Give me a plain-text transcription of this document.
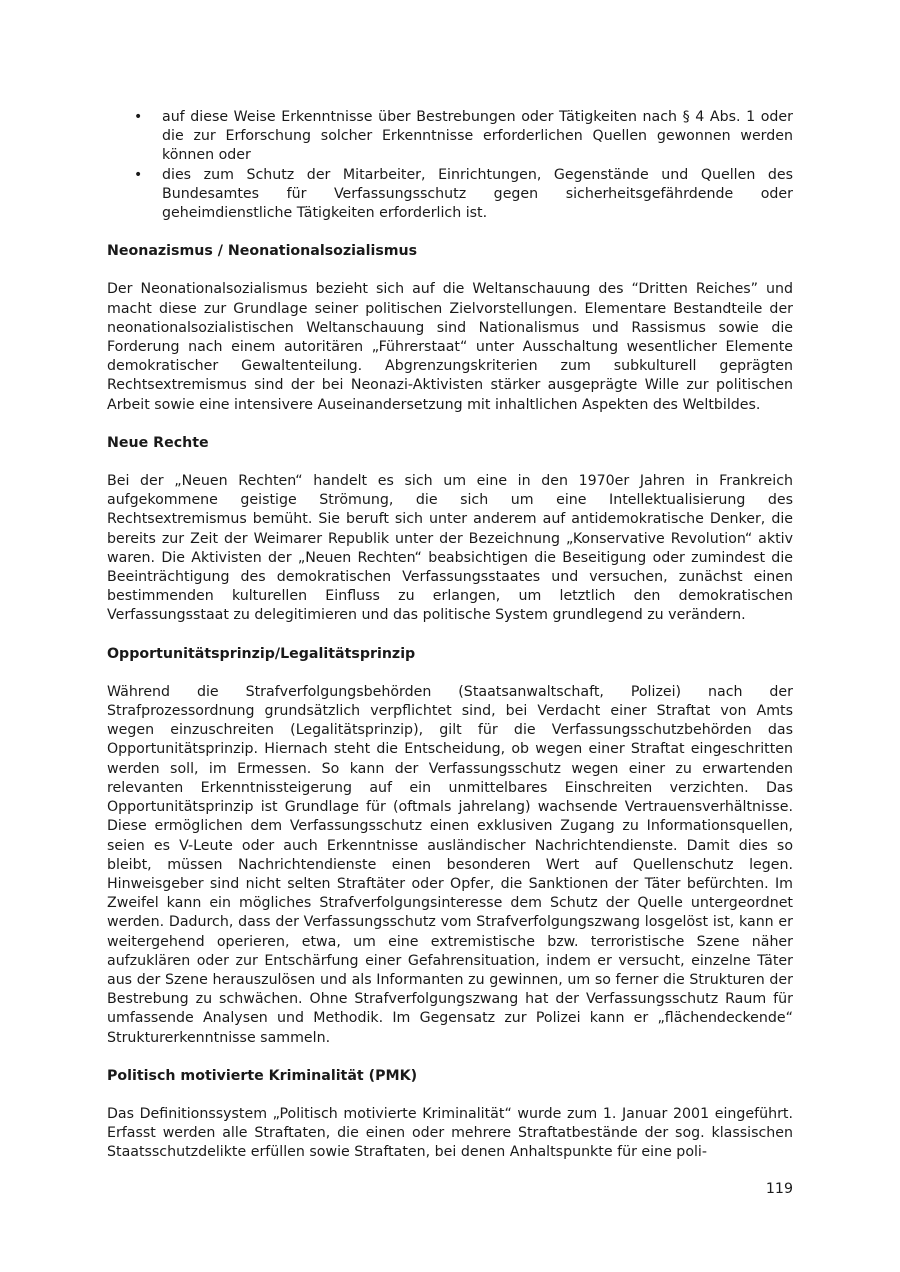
• auf diese Weise Erkenntnisse über Bestrebungen oder Tätigkeiten nach § 4 Abs. 1 oder die zur Erforschung solcher Erkenntnisse erforderlichen Quellen gewonnen werden können oder
• dies zum Schutz der Mitarbeiter, Einrichtungen, Gegenstände und Quellen des Bundesamtes für Verfassungsschutz gegen sicherheitsgefährdende oder geheimdienstliche Tätigkeiten erforderlich ist.
Neonazismus / Neonationalsozialismus

Der Neonationalsozialismus bezieht sich auf die Weltanschauung des “Dritten Reiches” und macht diese zur Grundlage seiner politischen Zielvorstellungen. Elementare Bestandteile der neonationalsozialistischen Weltanschauung sind Nationalismus und Rassismus sowie die Forderung nach einem autoritären „Führerstaat“ unter Ausschaltung wesentlicher Elemente demokratischer Gewaltenteilung. Abgrenzungskriterien zum subkulturell geprägten Rechtsextremismus sind der bei Neonazi-Aktivisten stärker ausgeprägte Wille zur politischen Arbeit sowie eine intensivere Auseinandersetzung mit inhaltlichen Aspekten des Weltbildes.

Neue Rechte

Bei der „Neuen Rechten“ handelt es sich um eine in den 1970er Jahren in Frankreich aufgekommene geistige Strömung, die sich um eine Intellektualisierung des Rechtsextremismus bemüht. Sie beruft sich unter anderem auf antidemokratische Denker, die bereits zur Zeit der Weimarer Republik unter der Bezeichnung „Konservative Revolution“ aktiv waren. Die Aktivisten der „Neuen Rechten“ beabsichtigen die Beseitigung oder zumindest die Beeinträchtigung des demokratischen Verfassungsstaates und versuchen, zunächst einen bestimmenden kulturellen Einfluss zu erlangen, um letztlich den demokratischen Verfassungsstaat zu delegitimieren und das politische System grundlegend zu verändern.

Opportunitätsprinzip/Legalitätsprinzip

Während die Strafverfolgungsbehörden (Staatsanwaltschaft, Polizei) nach der Strafprozessordnung grundsätzlich verpflichtet sind, bei Verdacht einer Straftat von Amts wegen einzuschreiten (Legalitätsprinzip), gilt für die Verfassungsschutzbehörden das Opportunitätsprinzip. Hiernach steht die Entscheidung, ob wegen einer Straftat eingeschritten werden soll, im Ermessen. So kann der Verfassungsschutz wegen einer zu erwartenden relevanten Erkenntnissteigerung auf ein unmittelbares Einschreiten verzichten. Das Opportunitätsprinzip ist Grundlage für (oftmals jahrelang) wachsende Vertrauensverhältnisse. Diese ermöglichen dem Verfassungsschutz einen exklusiven Zugang zu Informationsquellen, seien es V-Leute oder auch Erkenntnisse ausländischer Nachrichtendienste. Damit dies so bleibt, müssen Nachrichtendienste einen besonderen Wert auf Quellenschutz legen. Hinweisgeber sind nicht selten Straftäter oder Opfer, die Sanktionen der Täter befürchten. Im Zweifel kann ein mögliches Strafverfolgungsinteresse dem Schutz der Quelle untergeordnet werden. Dadurch, dass der Verfassungsschutz vom Strafverfolgungszwang losgelöst ist, kann er weitergehend operieren, etwa, um eine extremistische bzw. terroristische Szene näher aufzuklären oder zur Entschärfung einer Gefahrensituation, indem er versucht, einzelne Täter aus der Szene herauszulösen und als Informanten zu gewinnen, um so ferner die Strukturen der Bestrebung zu schwächen. Ohne Strafverfolgungszwang hat der Verfassungsschutz Raum für umfassende Analysen und Methodik. Im Gegensatz zur Polizei kann er „flächendeckende“ Strukturerkenntnisse sammeln.

Politisch motivierte Kriminalität (PMK)

Das Definitionssystem „Politisch motivierte Kriminalität“ wurde zum 1. Januar 2001 eingeführt. Erfasst werden alle Straftaten, die einen oder mehrere Straftatbestände der sog. klassischen Staatsschutzdelikte erfüllen sowie Straftaten, bei denen Anhaltspunkte für eine poli-

119
